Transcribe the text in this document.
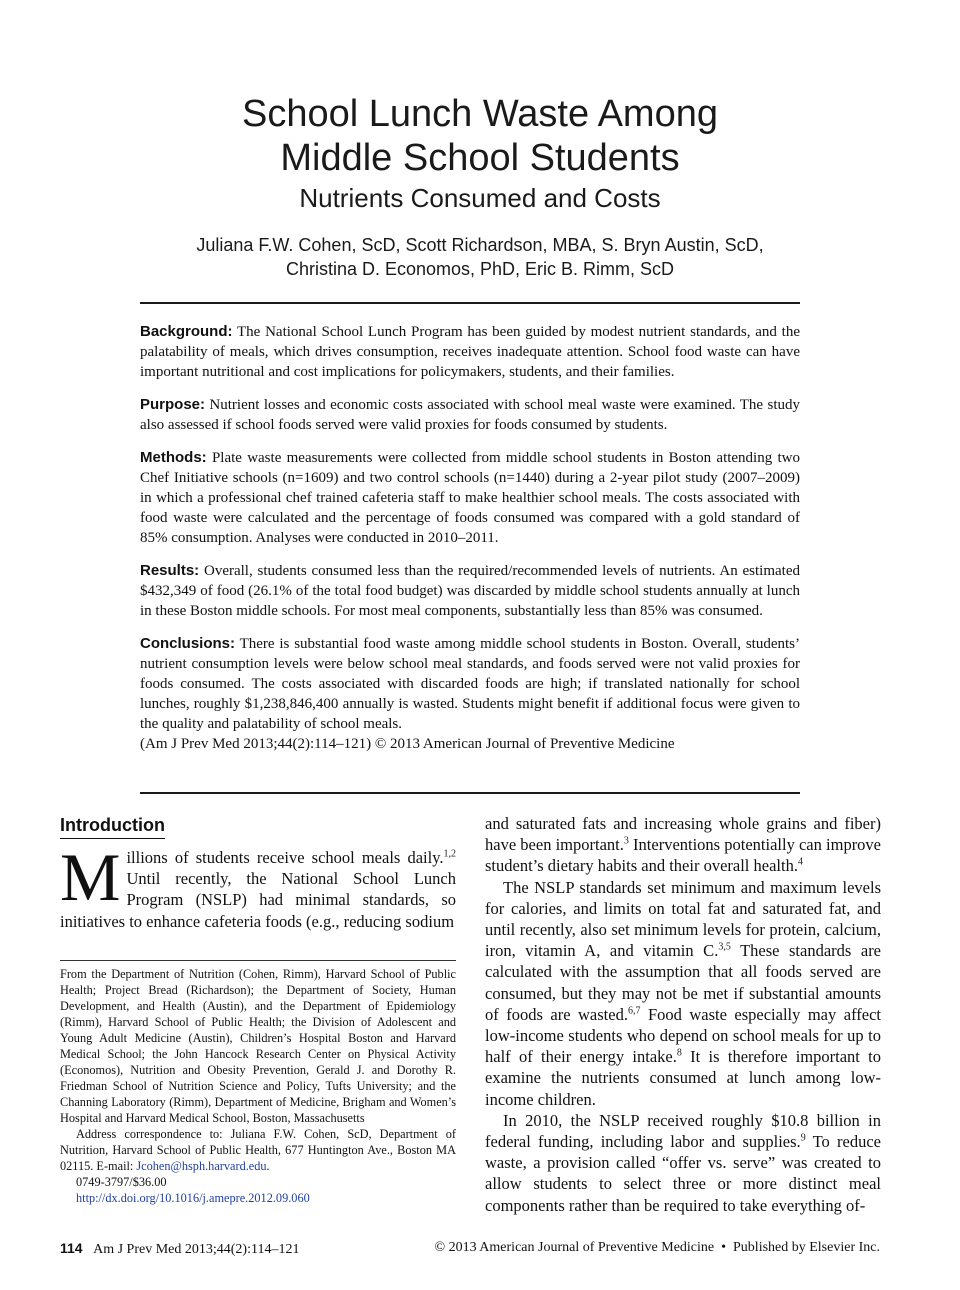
School Lunch Waste Among
Middle School Students
Nutrients Consumed and Costs
Juliana F.W. Cohen, ScD, Scott Richardson, MBA, S. Bryn Austin, ScD,
Christina D. Economos, PhD, Eric B. Rimm, ScD

Background: The National School Lunch Program has been guided by modest nutrient standards, and the palatability of meals, which drives consumption, receives inadequate attention. School food waste can have important nutritional and cost implications for policymakers, students, and their families.

Purpose: Nutrient losses and economic costs associated with school meal waste were examined. The study also assessed if school foods served were valid proxies for foods consumed by students.

Methods: Plate waste measurements were collected from middle school students in Boston attending two Chef Initiative schools (n=1609) and two control schools (n=1440) during a 2-year pilot study (2007–2009) in which a professional chef trained cafeteria staff to make healthier school meals. The costs associated with food waste were calculated and the percentage of foods consumed was compared with a gold standard of 85% consumption. Analyses were conducted in 2010–2011.

Results: Overall, students consumed less than the required/recommended levels of nutrients. An estimated $432,349 of food (26.1% of the total food budget) was discarded by middle school students annually at lunch in these Boston middle schools. For most meal components, substantially less than 85% was consumed.

Conclusions: There is substantial food waste among middle school students in Boston. Overall, students’ nutrient consumption levels were below school meal standards, and foods served were not valid proxies for foods consumed. The costs associated with discarded foods are high; if translated nationally for school lunches, roughly $1,238,846,400 annually is wasted. Students might benefit if additional focus were given to the quality and palatability of school meals.

(Am J Prev Med 2013;44(2):114–121) © 2013 American Journal of Preventive Medicine

Introduction

Millions of students receive school meals daily.$^{1,2}$ Until recently, the National School Lunch Program (NSLP) had minimal standards, so initiatives to enhance cafeteria foods (e.g., reducing sodium

From the Department of Nutrition (Cohen, Rimm), Harvard School of Public Health; Project Bread (Richardson); the Department of Society, Human Development, and Health (Austin), and the Department of Epidemiology (Rimm), Harvard School of Public Health; the Division of Adolescent and Young Adult Medicine (Austin), Children’s Hospital Boston and Harvard Medical School; the John Hancock Research Center on Physical Activity (Economos), Nutrition and Obesity Prevention, Gerald J. and Dorothy R. Friedman School of Nutrition Science and Policy, Tufts University; and the Channing Laboratory (Rimm), Department of Medicine, Brigham and Women’s Hospital and Harvard Medical School, Boston, Massachusetts

Address correspondence to: Juliana F.W. Cohen, ScD, Department of Nutrition, Harvard School of Public Health, 677 Huntington Ave., Boston MA 02115. E-mail: Jcohen@hsph.harvard.edu.

0749-3797/$36.00

http://dx.doi.org/10.1016/j.amepre.2012.09.060

and saturated fats and increasing whole grains and fiber) have been important.$^3$ Interventions potentially can improve student’s dietary habits and their overall health.$^4$

The NSLP standards set minimum and maximum levels for calories, and limits on total fat and saturated fat, and until recently, also set minimum levels for protein, calcium, iron, vitamin A, and vitamin C.$^{3,5}$ These standards are calculated with the assumption that all foods served are consumed, but they may not be met if substantial amounts of foods are wasted.$^{6,7}$ Food waste especially may affect low-income students who depend on school meals for up to half of their energy intake.$^8$ It is therefore important to examine the nutrients consumed at lunch among low-income children.

In 2010, the NSLP received roughly $10.8 billion in federal funding, including labor and supplies.$^9$ To reduce waste, a provision called “offer vs. serve” was created to allow students to select three or more distinct meal components rather than be required to take everything of-

114 Am J Prev Med 2013;44(2):114–121	© 2013 American Journal of Preventive Medicine • Published by Elsevier Inc.
